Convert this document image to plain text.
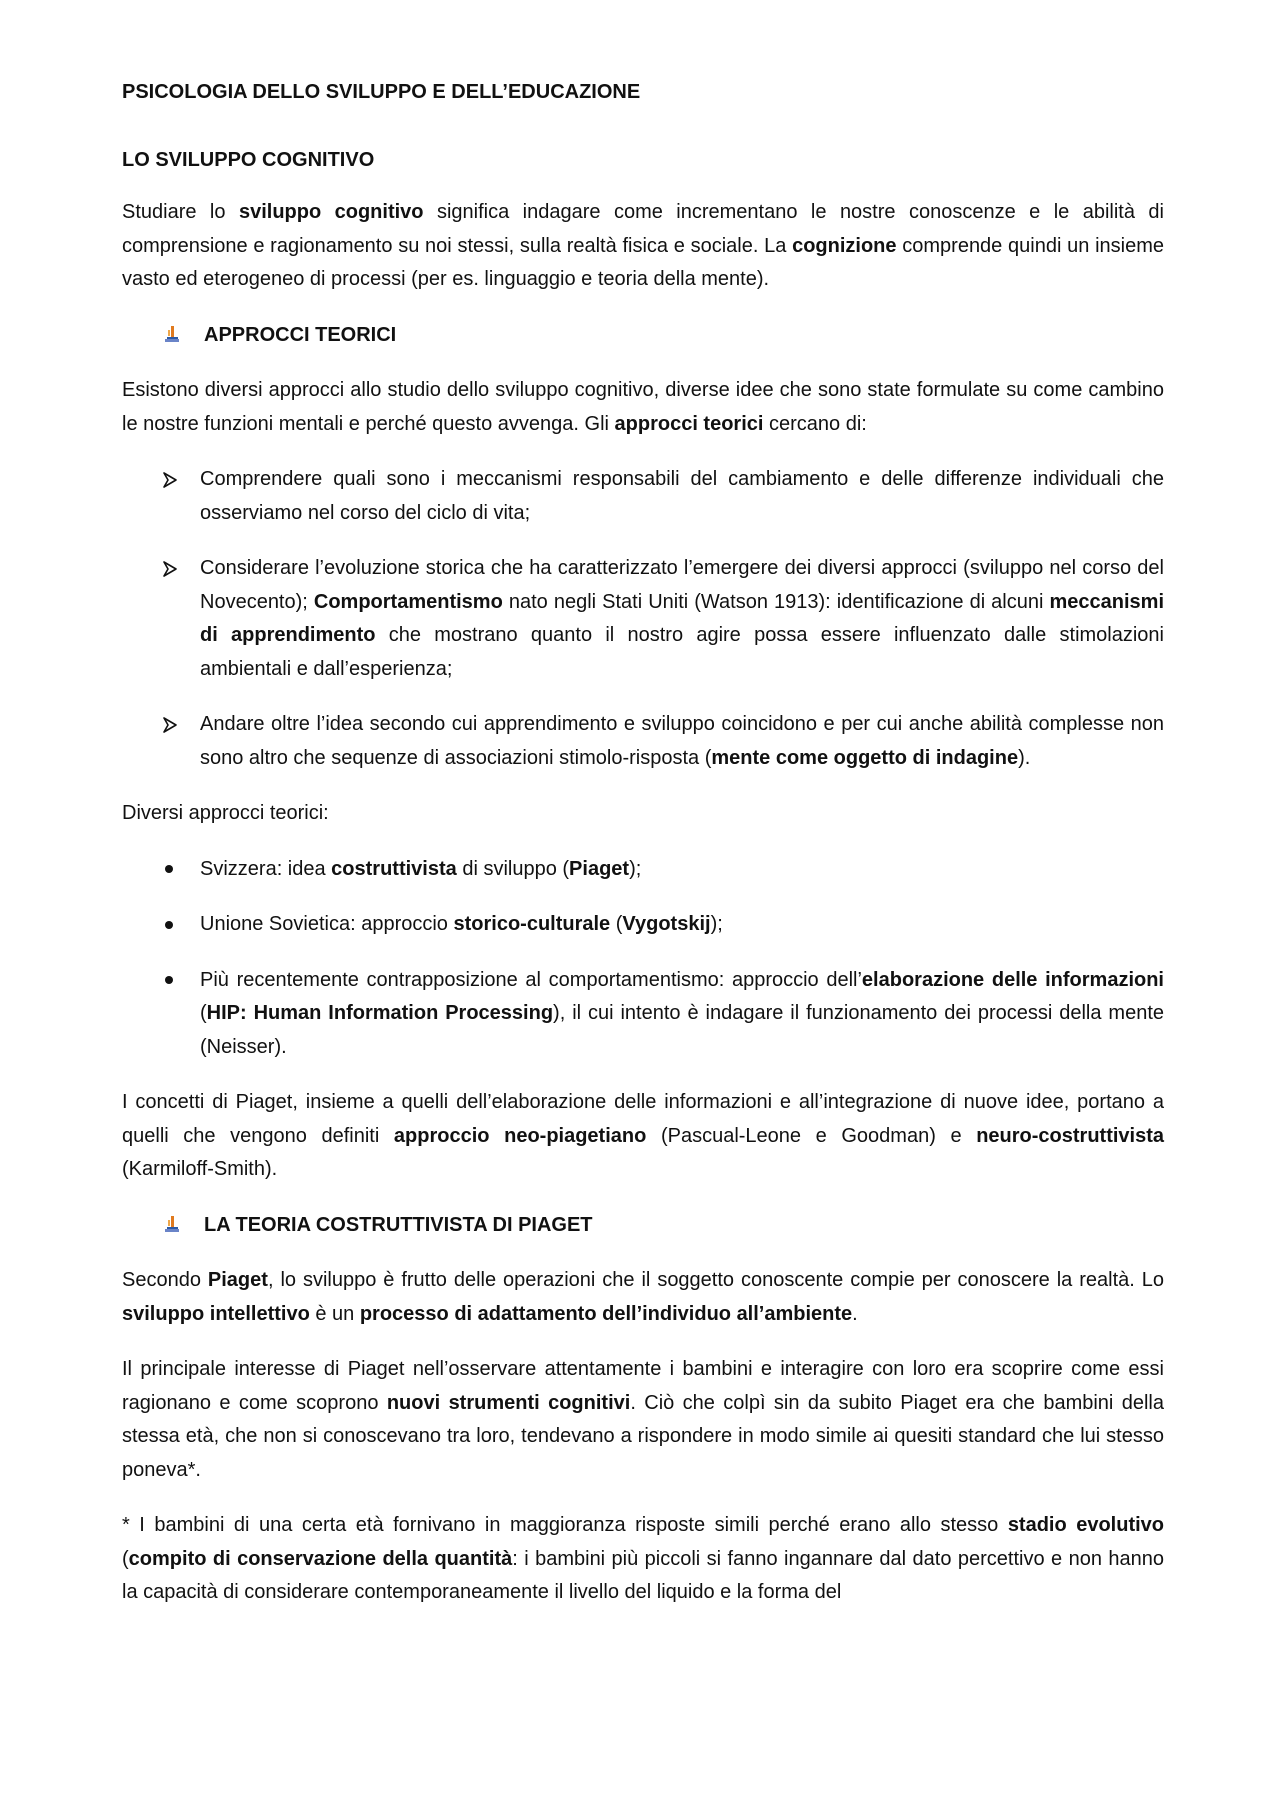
PSICOLOGIA DELLO SVILUPPO E DELL’EDUCAZIONE
LO SVILUPPO COGNITIVO

Studiare lo sviluppo cognitivo significa indagare come incrementano le nostre conoscenze e le abilità di comprensione e ragionamento su noi stessi, sulla realtà fisica e sociale. La cognizione comprende quindi un insieme vasto ed eterogeneo di processi (per es. linguaggio e teoria della mente).

APPROCCI TEORICI

Esistono diversi approcci allo studio dello sviluppo cognitivo, diverse idee che sono state formulate su come cambino le nostre funzioni mentali e perché questo avvenga. Gli approcci teorici cercano di:

Comprendere quali sono i meccanismi responsabili del cambiamento e delle differenze individuali che osserviamo nel corso del ciclo di vita;
Considerare l’evoluzione storica che ha caratterizzato l’emergere dei diversi approcci (sviluppo nel corso del Novecento); Comportamentismo nato negli Stati Uniti (Watson 1913): identificazione di alcuni meccanismi di apprendimento che mostrano quanto il nostro agire possa essere influenzato dalle stimolazioni ambientali e dall’esperienza;
Andare oltre l’idea secondo cui apprendimento e sviluppo coincidono e per cui anche abilità complesse non sono altro che sequenze di associazioni stimolo-risposta (mente come oggetto di indagine).

Diversi approcci teorici:

Svizzera: idea costruttivista di sviluppo (Piaget);
Unione Sovietica: approccio storico-culturale (Vygotskij);
Più recentemente contrapposizione al comportamentismo: approccio dell’elaborazione delle informazioni (HIP: Human Information Processing), il cui intento è indagare il funzionamento dei processi della mente (Neisser).

I concetti di Piaget, insieme a quelli dell’elaborazione delle informazioni e all’integrazione di nuove idee, portano a quelli che vengono definiti approccio neo-piagetiano (Pascual-Leone e Goodman) e neuro-costruttivista (Karmiloff-Smith).

LA TEORIA COSTRUTTIVISTA DI PIAGET

Secondo Piaget, lo sviluppo è frutto delle operazioni che il soggetto conoscente compie per conoscere la realtà. Lo sviluppo intellettivo è un processo di adattamento dell’individuo all’ambiente.

Il principale interesse di Piaget nell’osservare attentamente i bambini e interagire con loro era scoprire come essi ragionano e come scoprono nuovi strumenti cognitivi. Ciò che colpì sin da subito Piaget era che bambini della stessa età, che non si conoscevano tra loro, tendevano a rispondere in modo simile ai quesiti standard che lui stesso poneva*.

* I bambini di una certa età fornivano in maggioranza risposte simili perché erano allo stesso stadio evolutivo (compito di conservazione della quantità: i bambini più piccoli si fanno ingannare dal dato percettivo e non hanno la capacità di considerare contemporaneamente il livello del liquido e la forma del
